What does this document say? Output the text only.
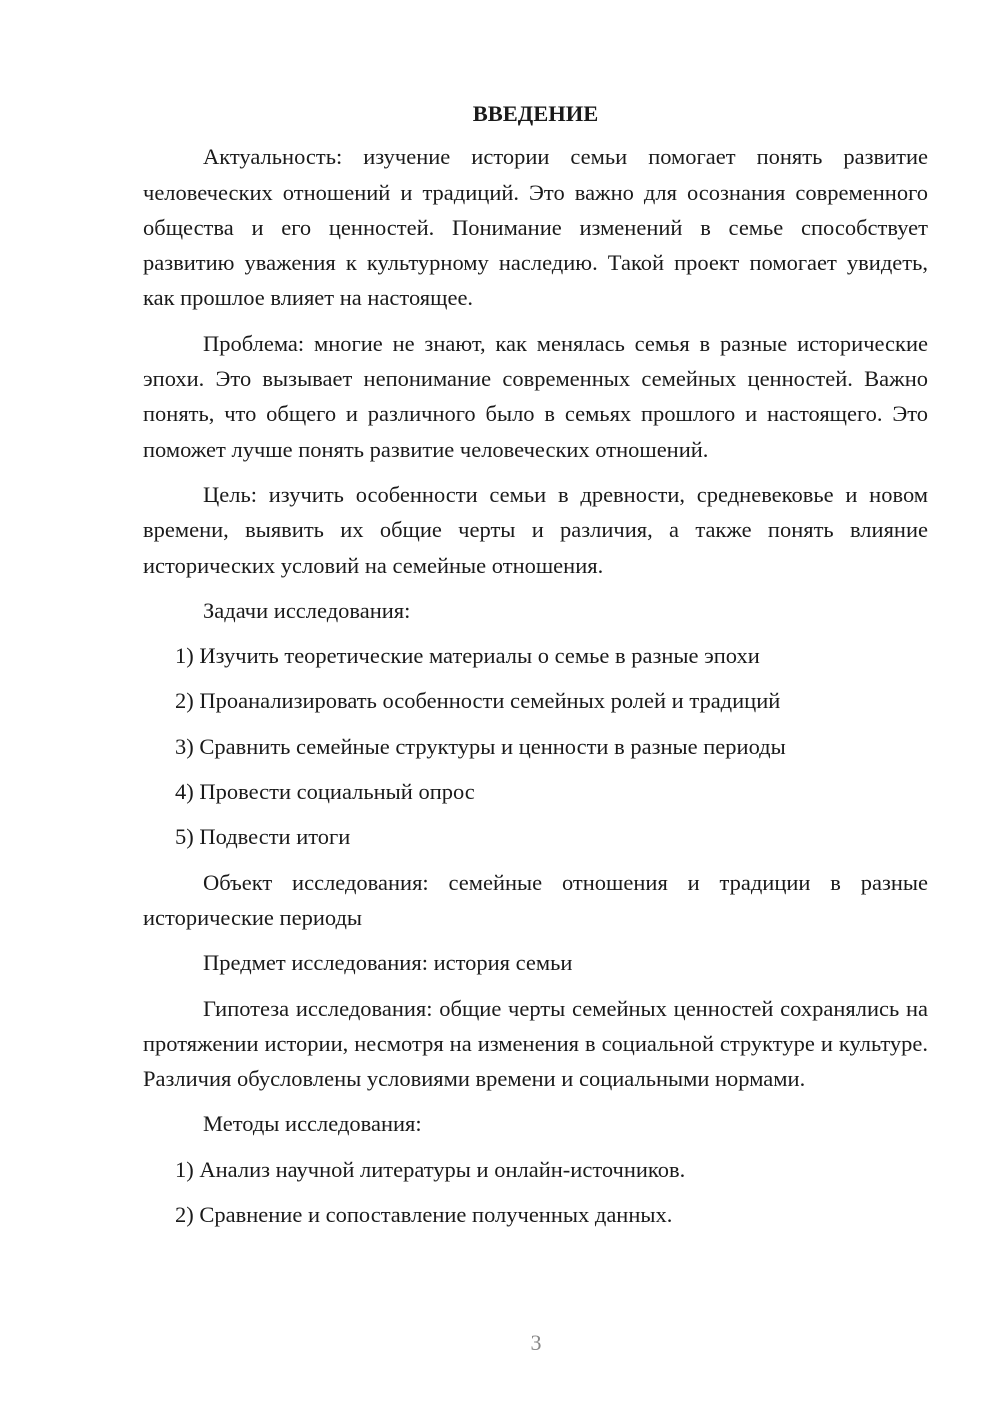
ВВЕДЕНИЕ

Актуальность: изучение истории семьи помогает понять развитие человеческих отношений и традиций. Это важно для осознания современного общества и его ценностей. Понимание изменений в семье способствует развитию уважения к культурному наследию. Такой проект помогает увидеть, как прошлое влияет на настоящее.

Проблема: многие не знают, как менялась семья в разные исторические эпохи. Это вызывает непонимание современных семейных ценностей. Важно понять, что общего и различного было в семьях прошлого и настоящего. Это поможет лучше понять развитие человеческих отношений.

Цель: изучить особенности семьи в древности, средневековье и новом времени, выявить их общие черты и различия, а также понять влияние исторических условий на семейные отношения.

Задачи исследования:

1) Изучить теоретические материалы о семье в разные эпохи

2) Проанализировать особенности семейных ролей и традиций

3) Сравнить семейные структуры и ценности в разные периоды

4) Провести социальный опрос

5) Подвести итоги

Объект исследования: семейные отношения и традиции в разные исторические периоды

Предмет исследования: история семьи

Гипотеза исследования: общие черты семейных ценностей сохранялись на протяжении истории, несмотря на изменения в социальной структуре и культуре. Различия обусловлены условиями времени и социальными нормами.

Методы исследования:

1) Анализ научной литературы и онлайн-источников.

2) Сравнение и сопоставление полученных данных.

3
